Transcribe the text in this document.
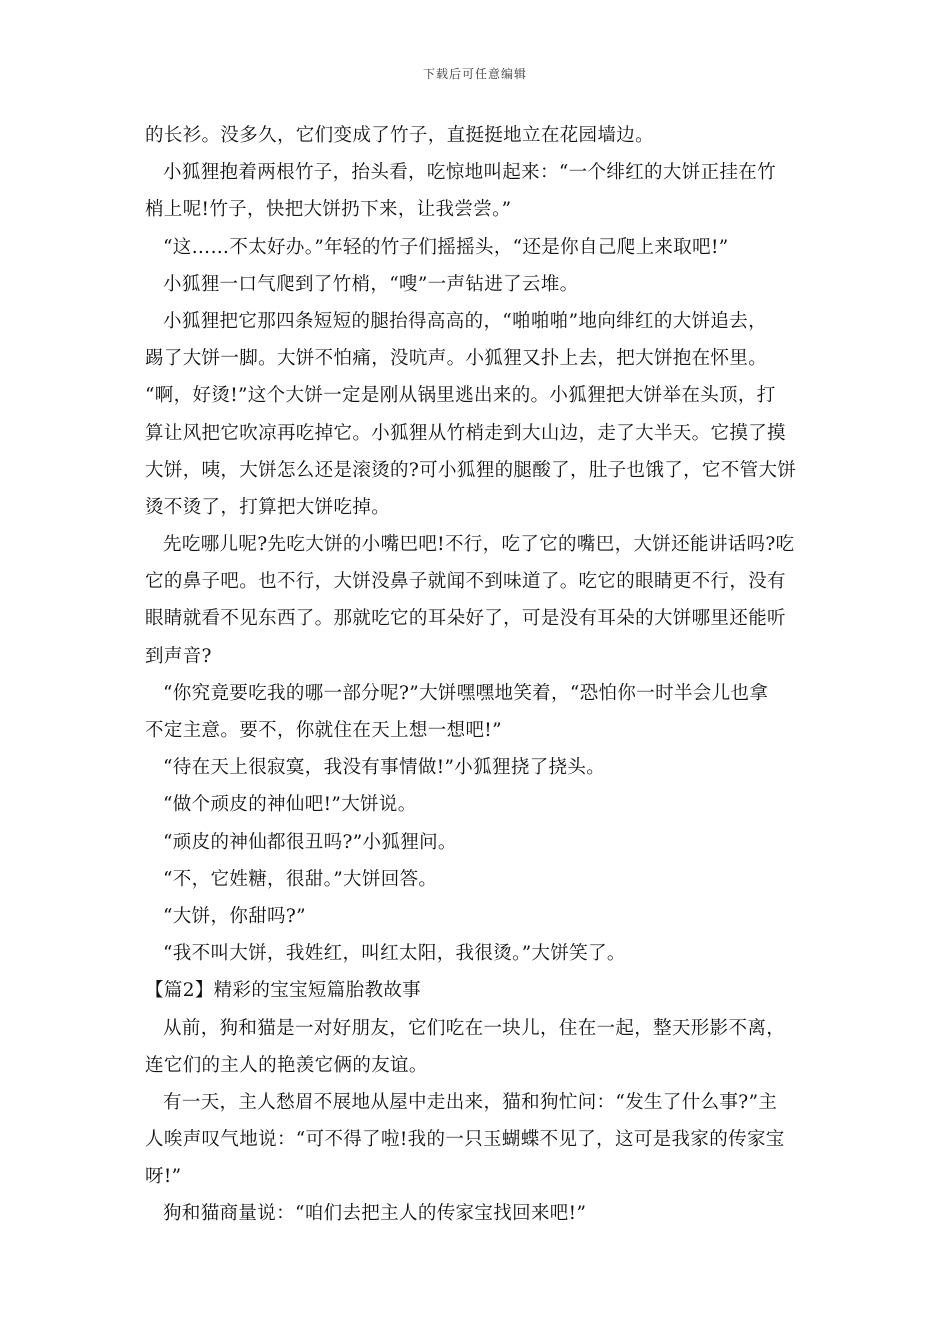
下载后可任意编辑
的长衫。没多久，它们变成了竹子，直挺挺地立在花园墙边。
小狐狸抱着两根竹子，抬头看，吃惊地叫起来：“一个绯红的大饼正挂在竹
梢上呢!竹子，快把大饼扔下来，让我尝尝。”
“这……不太好办。”年轻的竹子们摇摇头，“还是你自己爬上来取吧!”
小狐狸一口气爬到了竹梢，“嗖”一声钻进了云堆。
小狐狸把它那四条短短的腿抬得高高的，“啪啪啪”地向绯红的大饼追去，
踢了大饼一脚。大饼不怕痛，没吭声。小狐狸又扑上去，把大饼抱在怀里。
“啊，好烫!”这个大饼一定是刚从锅里逃出来的。小狐狸把大饼举在头顶，打
算让风把它吹凉再吃掉它。小狐狸从竹梢走到大山边，走了大半天。它摸了摸
大饼，咦，大饼怎么还是滚烫的?可小狐狸的腿酸了，肚子也饿了，它不管大饼
烫不烫了，打算把大饼吃掉。
先吃哪儿呢?先吃大饼的小嘴巴吧!不行，吃了它的嘴巴，大饼还能讲话吗?吃
它的鼻子吧。也不行，大饼没鼻子就闻不到味道了。吃它的眼睛更不行，没有
眼睛就看不见东西了。那就吃它的耳朵好了，可是没有耳朵的大饼哪里还能听
到声音?
“你究竟要吃我的哪一部分呢?”大饼嘿嘿地笑着，“恐怕你一时半会儿也拿
不定主意。要不，你就住在天上想一想吧!”
“待在天上很寂寞，我没有事情做!”小狐狸挠了挠头。
“做个顽皮的神仙吧!”大饼说。
“顽皮的神仙都很丑吗?”小狐狸问。
“不，它姓糖，很甜。”大饼回答。
“大饼，你甜吗?”
“我不叫大饼，我姓红，叫红太阳，我很烫。”大饼笑了。
【篇2】精彩的宝宝短篇胎教故事
从前，狗和猫是一对好朋友，它们吃在一块儿，住在一起，整天形影不离，
连它们的主人的艳羡它俩的友谊。
有一天，主人愁眉不展地从屋中走出来，猫和狗忙问：“发生了什么事?”主
人唉声叹气地说：“可不得了啦!我的一只玉蝴蝶不见了，这可是我家的传家宝
呀!”
狗和猫商量说：“咱们去把主人的传家宝找回来吧!”
